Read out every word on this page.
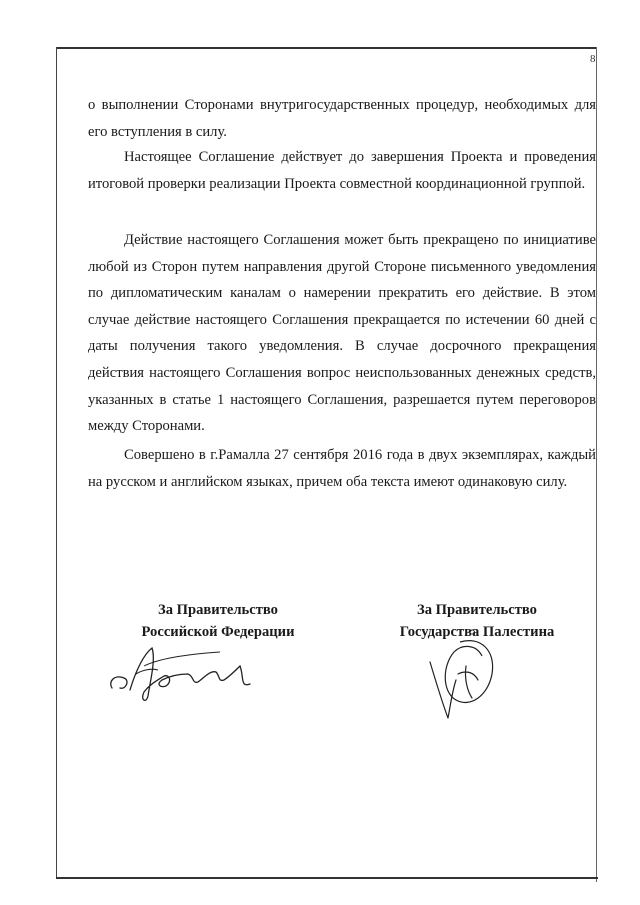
8

о выполнении Сторонами внутригосударственных процедур, необходимых для его вступления в силу.

Настоящее Соглашение действует до завершения Проекта и проведения итоговой проверки реализации Проекта совместной координационной группой.

Действие настоящего Соглашения может быть прекращено по инициативе любой из Сторон путем направления другой Стороне письменного уведомления по дипломатическим каналам о намерении прекратить его действие. В этом случае действие настоящего Соглашения прекращается по истечении 60 дней с даты получения такого уведомления. В случае досрочного прекращения действия настоящего Соглашения вопрос неиспользованных денежных средств, указанных в статье 1 настоящего Соглашения, разрешается путем переговоров между Сторонами.

Совершено в г.Рамалла 27 сентября 2016 года в двух экземплярах, каждый на русском и английском языках, причем оба текста имеют одинаковую силу.

За Правительство
Российской Федерации
За Правительство
Государства Палестина
